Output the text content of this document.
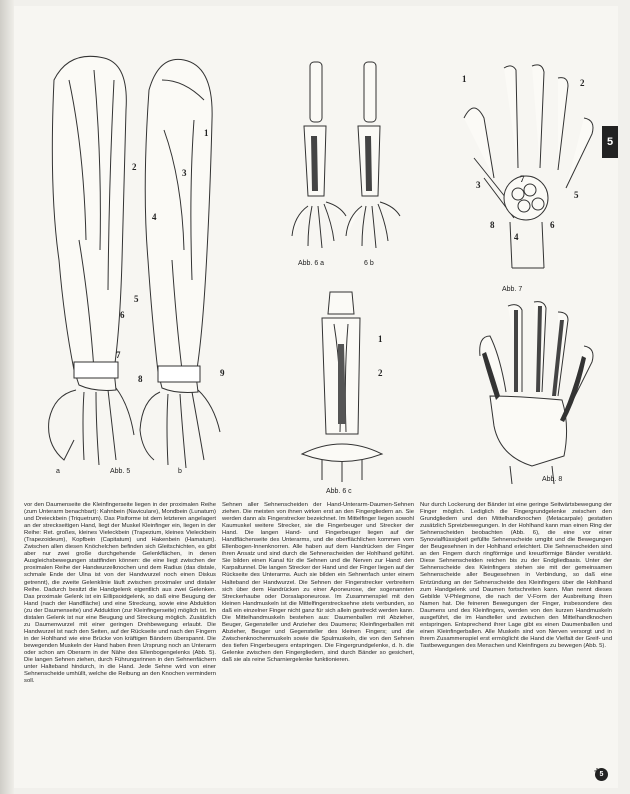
5
1
2
3
4
5
6
7
8
9
a	Abb. 5	b
Abb. 6 a	6 b
1
2
Abb. 6 c
1	2
3
4
5
6
7
8
Abb. 7
Abb. 8

vor den Daumenseite die Kleinfingerseite liegen in der proximalen Reihe (zum Unterarm benachbart): Kahnbein (Naviculare), Mondbein (Lunatum) und Dreieckbein (Triquetrum). Das Pisiforme ist dem letzteren angelagert an der streckseitigen Hand, liegt der Muskel Kleinfinger ein, liegen in der Reihe: Ret. großes, kleines Vieleckbein (Trapezium, kleines Vieleckbein (Trapezoideum), Kopfbein (Capitatum) und Hakenbein (Hamatum). Zwischen allen diesen Knöchelchen befinden sich Gleitschichten, es gibt aber nur zwei große durchgehende Gelenkflächen, in denen Ausgleichsbewegungen stattfinden können: die eine liegt zwischen der proximalen Reihe der Handwurzelknochen und dem Radius (das distale, schmale Ende der Ulna ist von der Handwurzel noch einen Diskus getrennt), die zweite Gelenklinie läuft zwischen proximaler und distaler Reihe. Dadurch besitzt die Handgelenk eigentlich aus zwei Gelenken. Das proximale Gelenk ist ein Eillipsoidgelenk, so daß eine Beugung der Hand (nach der Handfläche) und eine Streckung, sowie eine Abduktion (zu der Daumenseite) und Adduktion (zur Kleinfingerseite) möglich ist. Im distalen Gelenk ist nur eine Beugung und Streckung möglich. Zusätzlich zu Daumenwurzel mit einer geringen Drehbewegung erlaubt. Die Handwurzel ist nach den Seiten, auf der Rückseite und nach den Fingern in der Hohlhand wie eine Brücke von kräftigen Bändern überspannt. Die bewegenden Muskeln der Hand haben ihren Ursprung noch an Unterarm oder schon am Oberarm in der Nähe des Ellenbogengelenks (Abb. 5). Die langen Sehnen ziehen, durch Führungsrinnen in den Sehnenfächern unter Halteband hindurch, in die Hand. Jede Sehne wird von einer Sehnenscheide umhüllt, welche die Reibung an den Knochen vermindern soll.

Sehnen aller Sehnenscheiden der Hand-Unterarm-Daumen-Sehnen ziehen. Die meisten von ihnen wirken erst an den Fingergliedern an. Sie werden dann als Fingerstrecker bezeichnet. Im Mittelfinger liegen sowohl Kaumuskel weitere Strecker, sie die Fingerbeuger und Strecker der Hand. Die langen Hand- und Fingerbeuger liegen auf der Handflächenseite des Unterarms, und die oberflächlichen kommen vom Ellenbogen-Innenknorren. Alle haben auf dem Handrücken der Finger ihren Ansatz und sind durch die Sehnenscheiden der Hohlhand geführt. Sie bilden einen Kanal für die Sehnen und die Nerven zur Hand: den Karpaltunnel. Die langen Strecker der Hand und der Finger liegen auf der Rückseite des Unterarms. Auch sie bilden ein Sehnenfach unter einem Halteband der Handwurzel. Die Sehnen der Fingerstrecker verbreitern sich über dem Handrücken zu einer Aponeurose, der sogenannten Streckerhaube oder Dorsalaponeurose. Im Zusammenspiel mit den kleinen Handmuskeln ist die Mittelfingerstrecksehne stets verbunden, so daß ein einzelner Finger nicht ganz für sich allein gestreckt werden kann. Die Mittelhandmuskeln bestehen aus: Daumenballen mit Abzieher, Beuger, Gegensteller und Anzieher des Daumens; Kleinfingerballen mit Abzieher, Beuger und Gegensteller des kleinen Fingers; und die Zwischenknochenmuskeln sowie die Spulmuskeln, die von den Sehnen des tiefen Fingerbeugers entspringen. Die Fingergrundgelenke, d. h. die Gelenke zwischen den Fingergliedern, sind durch Bänder so gesichert, daß sie als reine Scharniergelenke funktionieren.

Nur durch Lockerung der Bänder ist eine geringe Seitwärtsbewegung der Finger möglich. Lediglich die Fingergrundgelenke zwischen den Grundgliedern und den Mittelhandknochen (Metacarpale) gestatten zusätzlich Spreizbewegungen. In der Hohlhand kann man einen Ring der Sehnenscheiden beobachten (Abb. 6), die eine vor einer Synovialflüssigkeit gefüllte Sehnenscheide umgibt und die Bewegungen der Beugesehnen in der Hohlhand erleichtert. Die Sehnenscheiden sind an den Fingern durch ringförmige und kreuzförmige Bänder verstärkt. Diese Sehnenscheiden reichen bis zu der Endgliedbasis. Unter der Sehnenscheide des Kleinfingers stehen sie mit der gemeinsamen Sehnenscheide aller Beugesehnen in Verbindung, so daß eine Entzündung an der Sehnenscheide des Kleinfingers über die Hohlhand zum Handgelenk und Daumen fortschreiten kann. Man nennt dieses Gebilde V-Phlegmone, die nach der V-Form der Ausbreitung ihren Namen hat. Die feineren Bewegungen der Finger, insbesondere des Daumens und des Kleinfingers, werden von den kurzen Handmuskeln ausgeführt, die im Handteller und zwischen den Mittelhandknochen entspringen. Entsprechend ihrer Lage gibt es einen Daumenballen und einen Kleinfingerballen. Alle Muskeln sind von Nerven versorgt und in ihrem Zusammenspiel erst ermöglicht die Hand die Vielfalt der Greif- und Tastbewegungen des Menschen und Kleinfingers zu bewegen (Abb. 5).

5
